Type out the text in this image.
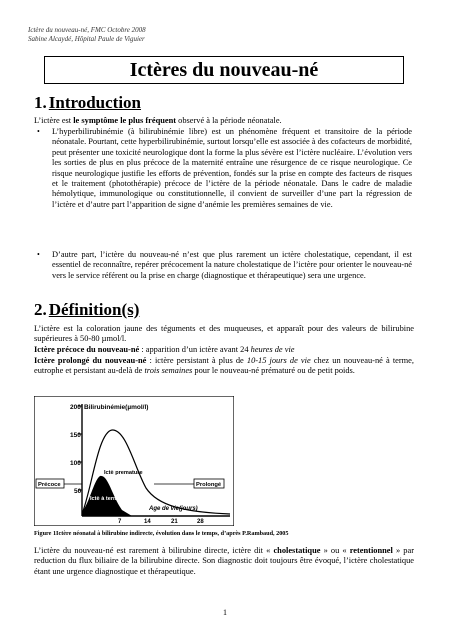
Ictère du nouveau-né, FMC Octobre 2008
Sabine Alcaydé, Hôpital Paule de Viguier
Ictères du nouveau-né
1. Introduction
L’ictère est le symptôme le plus fréquent observé à la période néonatale.
• L’hyperbilirubinémie (à bilirubinémie libre) est un phénomène fréquent et transitoire de la période néonatale. Pourtant, cette hyperbilirubinémie, surtout lorsqu’elle est associée à des cofacteurs de morbidité, peut présenter une toxicité neurologique dont la forme la plus sévère est l’ictère nucléaire. L’évolution vers les sorties de plus en plus précoce de la maternité entraîne une résurgence de ce risque neurologique. Ce risque neurologique justifie les efforts de prévention, fondés sur la prise en compte des facteurs de risques et le traitement (photothérapie) précoce de l’ictère de la période néonatale. Dans le cadre de maladie hémolytique, immunologique ou constitutionnelle, il convient de surveiller d’une part la régression de l’ictère et d’autre part l’apparition de signe d’anémie les premières semaines de vie.
• D’autre part, l’ictère du nouveau-né n’est que plus rarement un ictère cholestatique, cependant, il est essentiel de reconnaître, repérer précocement la nature cholestatique de l’ictère pour orienter le nouveau-né vers le service référent ou la prise en charge (diagnostique et thérapeutique) sera une urgence.
2. Définition(s)
L’ictère est la coloration jaune des téguments et des muqueuses, et apparaît pour des valeurs de bilirubine supérieures à 50-80 µmol/l.
Ictère précoce du nouveau-né : apparition d’un ictère avant 24 heures de vie
Ictère prolongé du nouveau-né : ictère persistant à plus de 10-15 jours de vie chez un nouveau-né à terme, eutrophe et persistant au-delà de trois semaines pour le nouveau-né prématuré ou de petit poids.
200
150
100
50
Bilirubinémie(µmol/l)
Ictè premature
Ictè à terme
Précoce	Prolongé
Age de vie(jours)
7	14	21	28
Figure 1Ictère néonatal à bilirubine indirecte, évolution dans le temps, d’après P.Rambaud, 2005
L’ictère du nouveau-né est rarement à bilirubine directe, ictère dit « cholestatique » ou « retentionnel » par reduction du flux biliaire de la bilirubine directe. Son diagnostic doit toujours être évoqué, l’ictère cholestatique étant une urgence diagnostique et thérapeutique.
1
